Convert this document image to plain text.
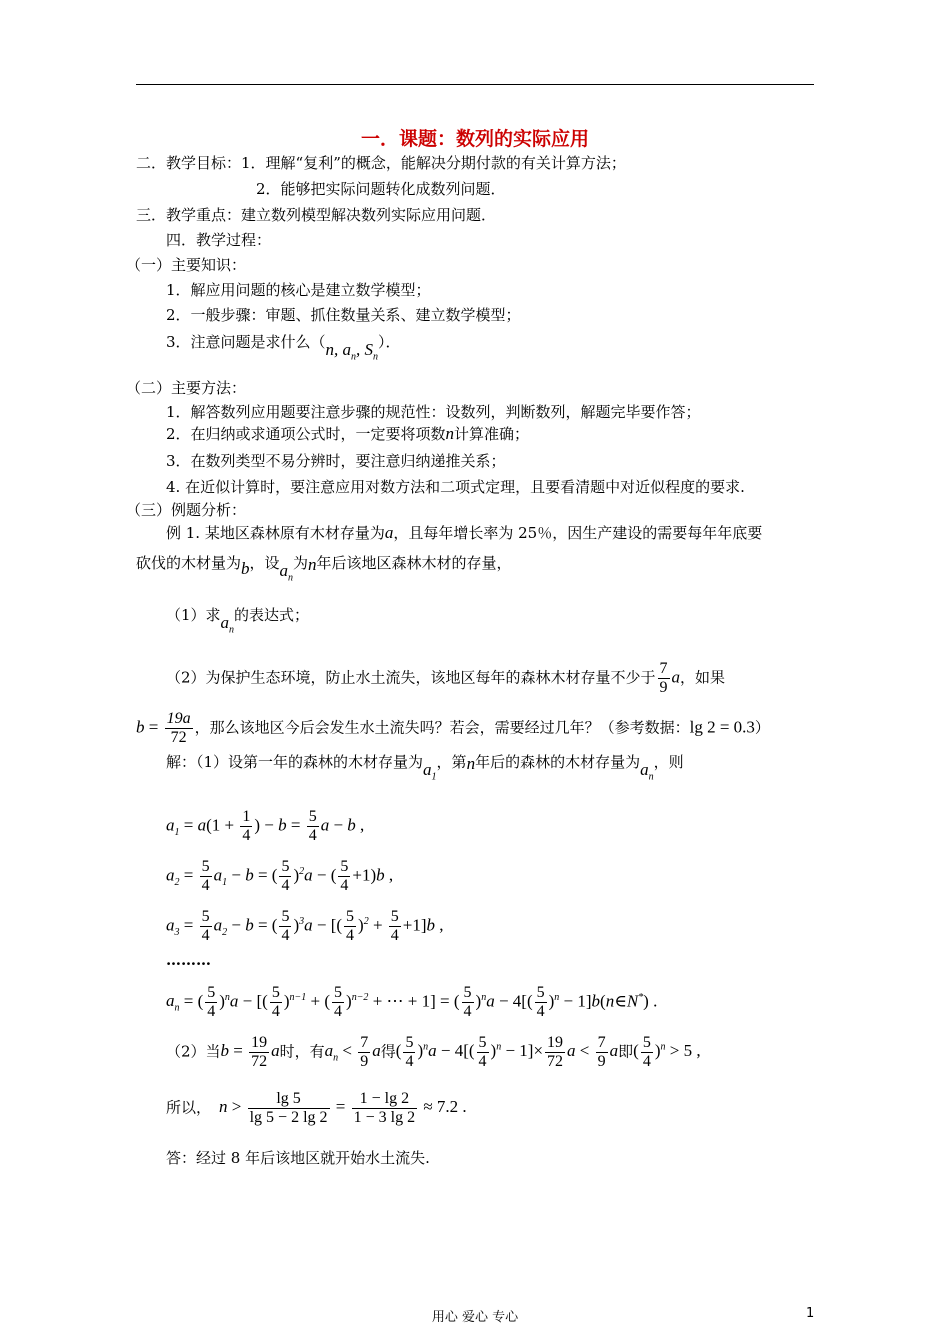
一．课题：数列的实际应用
二．教学目标：1．理解“复利”的概念，能解决分期付款的有关计算方法；
2．能够把实际问题转化成数列问题．
三．教学重点：建立数列模型解决数列实际应用问题．
四．教学过程：
（一）主要知识：
1．解应用问题的核心是建立数学模型；
2．一般步骤：审题、抓住数量关系、建立数学模型；
3．注意问题是求什么（n, $a_n$, $S_n$）．
（二）主要方法：
1．解答数列应用题要注意步骤的规范性：设数列，判断数列，解题完毕要作答；
2．在归纳或求通项公式时，一定要将项数n计算准确；
3．在数列类型不易分辨时，要注意归纳递推关系；
4. 在近似计算时，要注意应用对数方法和二项式定理，且要看清题中对近似程度的要求.
（三）例题分析：
例 1. 某地区森林原有木材存量为a，且每年增长率为 25％，因生产建设的需要每年年底要
砍伐的木材量为b，设$a_n$为n年后该地区森林木材的存量，
（1）求$a_n$的表达式；
（2）为保护生态环境，防止水土流失，该地区每年的森林木材存量不少于 $\frac{7}{9}$ a，如果
$b = \frac{19a}{72}$ ，那么该地区今后会发生水土流失吗？若会，需要经过几年？（参考数据：lg 2 = 0.3）
解：（1）设第一年的森林的木材存量为$a_1$，第n年后的森林的木材存量为$a_n$，则
$a_1 = a(1 + \frac{1}{4}$ ) − $b = \frac{5}{4}$ a − b ,
$a_2 = \frac{5}{4} a_1 - b$ = ( $\frac{5}{4} )^2a$ − ( $\frac{5}{4} +1)b$ ,
$a_3 = \frac{5}{4} a_2 - b$ = ( $\frac{5}{4} )^3a$ − [( $\frac{5}{4} )^2 + \frac{5}{4} +1]b$ ,
………
$a_n$ = ( $\frac{5}{4} )^na$ − [( $\frac{5}{4} )^{n-1}$ + ( $\frac{5}{4} )^{n-2}$ + ⋯ + 1] = ( $\frac{5}{4} )^na - 4[( \frac{5}{4} )^n$ − 1]b(n∈N*) .
（2）当$b = \frac{19}{72}$ a时，有$a_n < \frac{7}{9}$ a得( $\frac{5}{4} )^na - 4[( \frac{5}{4} )^n - 1]\times \frac{19}{72}$ $a < \frac{7}{9}$ a即( $\frac{5}{4} )^n > 5$ ,
所以， $n > \frac{\lg 5}{\lg 5 - 2 \lg 2} = \frac{1 - \lg 2}{1 - 3 \lg 2} \approx 7.2$ .
答：经过 8 年后该地区就开始水土流失.
用心 爱心 专心	1
